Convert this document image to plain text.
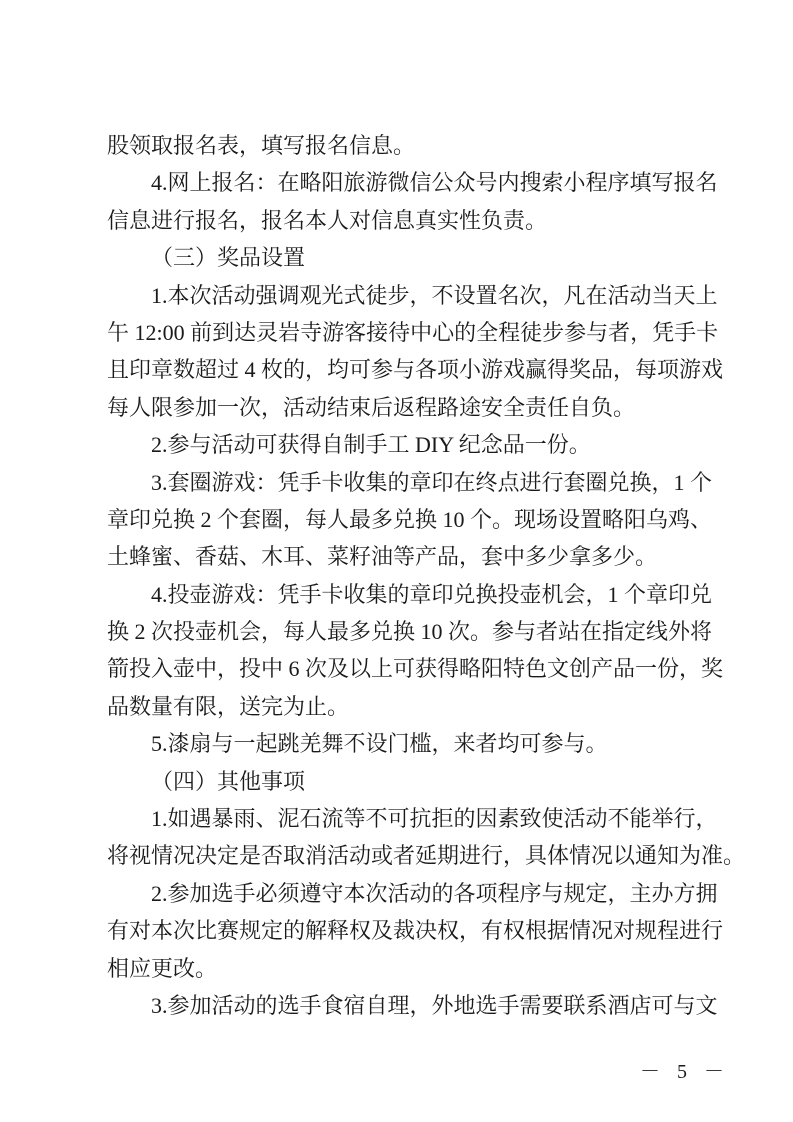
股领取报名表，填写报名信息。
4.网上报名：在略阳旅游微信公众号内搜索小程序填写报名
信息进行报名，报名本人对信息真实性负责。
（三）奖品设置
1.本次活动强调观光式徒步，不设置名次，凡在活动当天上
午 12:00 前到达灵岩寺游客接待中心的全程徒步参与者，凭手卡
且印章数超过 4 枚的，均可参与各项小游戏赢得奖品，每项游戏
每人限参加一次，活动结束后返程路途安全责任自负。
2.参与活动可获得自制手工 DIY 纪念品一份。
3.套圈游戏：凭手卡收集的章印在终点进行套圈兑换，1 个
章印兑换 2 个套圈，每人最多兑换 10 个。现场设置略阳乌鸡、
土蜂蜜、香菇、木耳、菜籽油等产品，套中多少拿多少。
4.投壶游戏：凭手卡收集的章印兑换投壶机会，1 个章印兑
换 2 次投壶机会，每人最多兑换 10 次。参与者站在指定线外将
箭投入壶中，投中 6 次及以上可获得略阳特色文创产品一份，奖
品数量有限，送完为止。
5.漆扇与一起跳羌舞不设门槛，来者均可参与。
（四）其他事项
1.如遇暴雨、泥石流等不可抗拒的因素致使活动不能举行，
将视情况决定是否取消活动或者延期进行，具体情况以通知为准。
2.参加选手必须遵守本次活动的各项程序与规定，主办方拥
有对本次比赛规定的解释权及裁决权，有权根据情况对规程进行
相应更改。
3.参加活动的选手食宿自理，外地选手需要联系酒店可与文
－ 5 －
